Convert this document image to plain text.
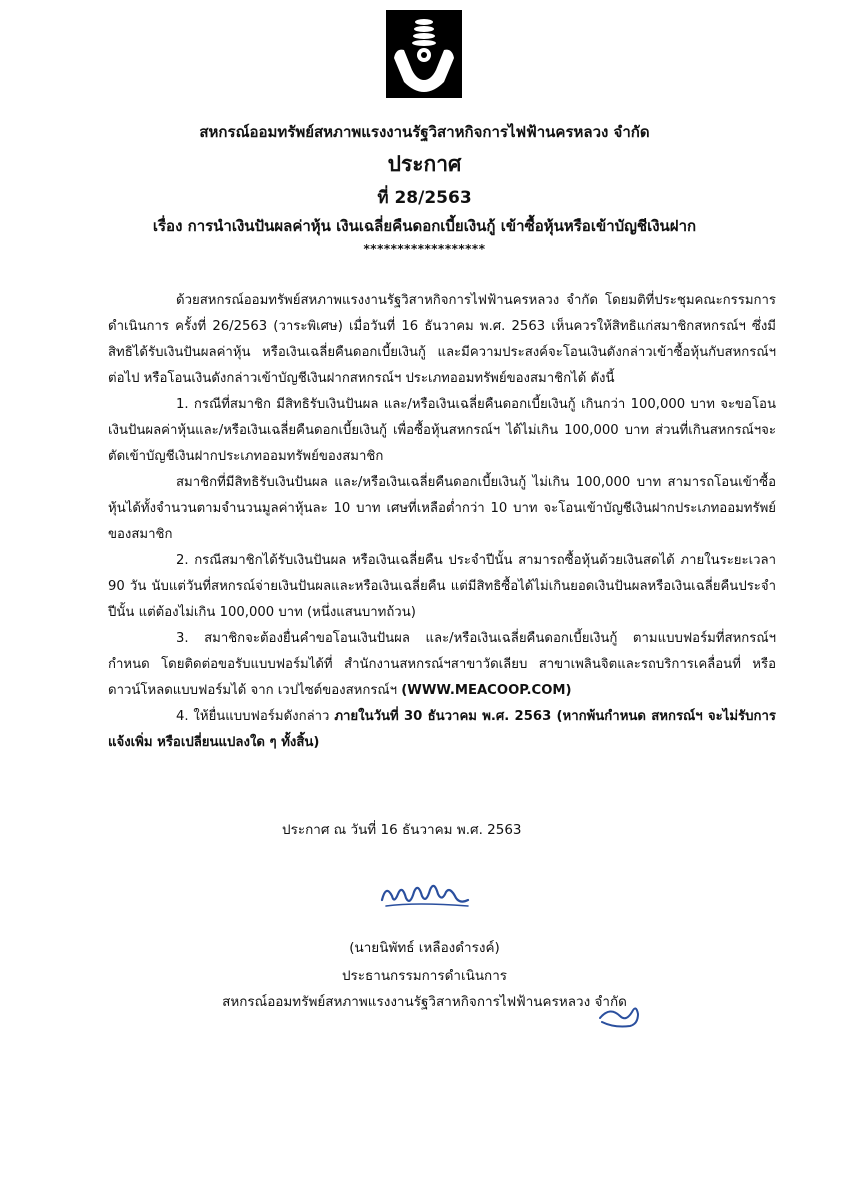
สหกรณ์ออมทรัพย์สหภาพแรงงานรัฐวิสาหกิจการไฟฟ้านครหลวง จำกัด
ประกาศ
ที่ 28/2563
เรื่อง การนำเงินปันผลค่าหุ้น เงินเฉลี่ยคืนดอกเบี้ยเงินกู้ เข้าซื้อหุ้นหรือเข้าบัญชีเงินฝาก
******************

ด้วยสหกรณ์ออมทรัพย์สหภาพแรงงานรัฐวิสาหกิจการไฟฟ้านครหลวง จำกัด โดยมติที่ประชุมคณะกรรมการดำเนินการ ครั้งที่ 26/2563 (วาระพิเศษ) เมื่อวันที่ 16 ธันวาคม พ.ศ. 2563 เห็นควรให้สิทธิแก่สมาชิกสหกรณ์ฯ ซึ่งมีสิทธิได้รับเงินปันผลค่าหุ้น หรือเงินเฉลี่ยคืนดอกเบี้ยเงินกู้ และมีความประสงค์จะโอนเงินดังกล่าวเข้าซื้อหุ้นกับสหกรณ์ฯต่อไป หรือโอนเงินดังกล่าวเข้าบัญชีเงินฝากสหกรณ์ฯ ประเภทออมทรัพย์ของสมาชิกได้ ดังนี้

1. กรณีที่สมาชิก มีสิทธิรับเงินปันผล และ/หรือเงินเฉลี่ยคืนดอกเบี้ยเงินกู้ เกินกว่า 100,000 บาท จะขอโอนเงินปันผลค่าหุ้นและ/หรือเงินเฉลี่ยคืนดอกเบี้ยเงินกู้ เพื่อซื้อหุ้นสหกรณ์ฯ ได้ไม่เกิน 100,000 บาท ส่วนที่เกินสหกรณ์ฯจะตัดเข้าบัญชีเงินฝากประเภทออมทรัพย์ของสมาชิก

สมาชิกที่มีสิทธิรับเงินปันผล และ/หรือเงินเฉลี่ยคืนดอกเบี้ยเงินกู้ ไม่เกิน 100,000 บาท สามารถโอนเข้าซื้อหุ้นได้ทั้งจำนวนตามจำนวนมูลค่าหุ้นละ 10 บาท เศษที่เหลือต่ำกว่า 10 บาท จะโอนเข้าบัญชีเงินฝากประเภทออมทรัพย์ของสมาชิก

2. กรณีสมาชิกได้รับเงินปันผล หรือเงินเฉลี่ยคืน ประจำปีนั้น สามารถซื้อหุ้นด้วยเงินสดได้ ภายในระยะเวลา 90 วัน นับแต่วันที่สหกรณ์จ่ายเงินปันผลและหรือเงินเฉลี่ยคืน แต่มีสิทธิซื้อได้ไม่เกินยอดเงินปันผลหรือเงินเฉลี่ยคืนประจำปีนั้น แต่ต้องไม่เกิน 100,000 บาท (หนึ่งแสนบาทถ้วน)

3. สมาชิกจะต้องยื่นคำขอโอนเงินปันผล และ/หรือเงินเฉลี่ยคืนดอกเบี้ยเงินกู้ ตามแบบฟอร์มที่สหกรณ์ฯ กำหนด โดยติดต่อขอรับแบบฟอร์มได้ที่ สำนักงานสหกรณ์ฯสาขาวัดเลียบ สาขาเพลินจิตและรถบริการเคลื่อนที่ หรือดาวน์โหลดแบบฟอร์มได้ จาก เวปไซต์ของสหกรณ์ฯ (WWW.MEACOOP.COM)

4. ให้ยื่นแบบฟอร์มดังกล่าว ภายในวันที่ 30 ธันวาคม พ.ศ. 2563 (หากพ้นกำหนด สหกรณ์ฯ จะไม่รับการแจ้งเพิ่ม หรือเปลี่ยนแปลงใด ๆ ทั้งสิ้น)

ประกาศ ณ วันที่ 16 ธันวาคม พ.ศ. 2563
(นายนิพัทธ์ เหลืองดำรงค์)
ประธานกรรมการดำเนินการ
สหกรณ์ออมทรัพย์สหภาพแรงงานรัฐวิสาหกิจการไฟฟ้านครหลวง จำกัด
